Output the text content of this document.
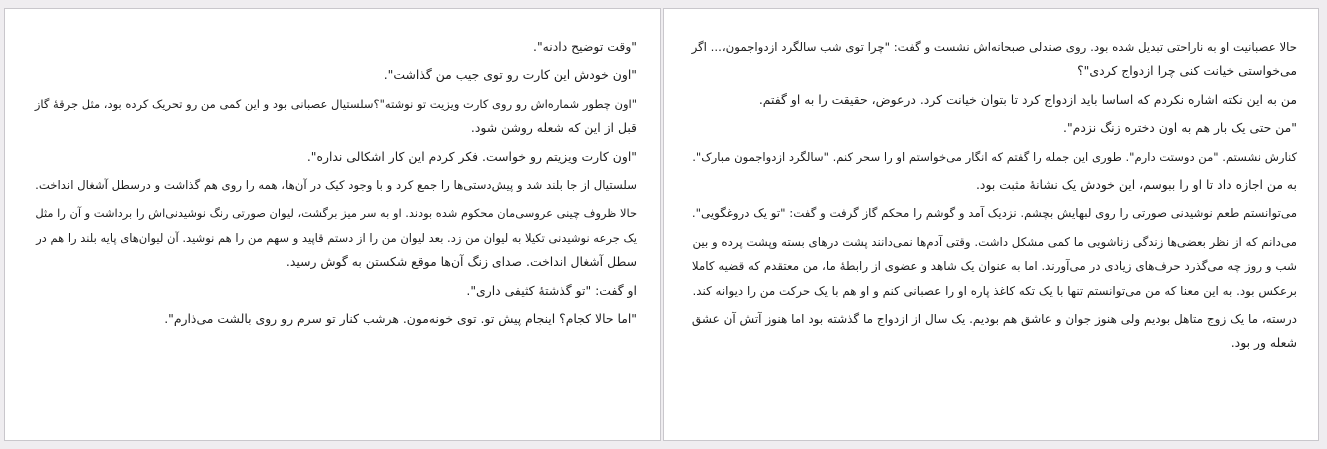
حالا عصبانیت او به ناراحتی تبدیل شده بود. روی صندلی صبحانه‌اش نشست و گفت: "چرا توی شب سالگرد ازدواجمون،... اگر
می‌خواستی خیانت کنی چرا ازدواج کردی"؟

من به این نکته اشاره نکردم که اساسا باید ازدواج کرد تا بتوان خیانت کرد. درعوض، حقیقت را به او گفتم.

"من حتی یک بار هم به اون دختره زنگ نزدم".

کنارش نشستم. "من دوستت دارم". طوری این جمله را گفتم که انگار می‌خواستم او را سحر کنم. "سالگرد ازدواجمون مبارک".

به من اجازه داد تا او را ببوسم، این خودش یک نشانهٔ مثبت بود.

می‌توانستم طعم نوشیدنی صورتی را روی لبهایش بچشم. نزدیک آمد و گوشم را محکم گاز گرفت و گفت: "تو یک دروغگویی".

می‌دانم که از نظر بعضی‌ها زندگی زناشویی ما کمی مشکل داشت. وقتی آدم‌ها نمی‌دانند پشت درهای بسته وپشت پرده و بین
شب و روز چه می‌گذرد حرف‌های زیادی در می‌آورند. اما به عنوان یک شاهد و عضوی از رابطهٔ ما، من معتقدم که قضیه کاملا
برعکس بود. به این معنا که من می‌توانستم تنها با یک تکه کاغذ پاره او را عصبانی کنم و او هم با یک حرکت من را دیوانه کند.

درسته، ما یک زوج متاهل بودیم ولی هنوز جوان و عاشق هم بودیم. یک سال از ازدواج ما گذشته بود اما هنوز آتش آن عشق
شعله ور بود.

"وقت توضیح دادنه".

"اون خودش این کارت رو توی جیب من گذاشت".

"اون چطور شماره‌اش رو روی کارت ویزیت تو نوشته"؟سلستیال عصبانی بود و این کمی من رو تحریک کرده بود، مثل جرقهٔ گاز
قبل از این که شعله روشن شود.

"اون کارت ویزیتم رو خواست. فکر کردم این کار اشکالی نداره".

سلستیال از جا بلند شد و پیش‌دستی‌ها را جمع کرد و با وجود کیک در آن‌ها، همه را روی هم گذاشت و درسطل آشغال انداخت.

حالا ظروف چینی عروسی‌مان محکوم شده بودند. او به سر میز برگشت، لیوان صورتی رنگ نوشیدنی‌اش را برداشت و آن را مثل
یک جرعه نوشیدنی تکیلا به لیوان من زد. بعد لیوان من را از دستم قاپید و سهم من را هم نوشید. آن لیوان‌های پایه بلند را هم در
سطل آشغال انداخت. صدای زنگ آن‌ها موقع شکستن به گوش رسید.

او گفت: "تو گذشتهٔ کثیفی داری".

"اما حالا کجام؟ اینجام پیش تو. توی خونه‌مون. هرشب کنار تو سرم رو روی بالشت می‌ذارم".
